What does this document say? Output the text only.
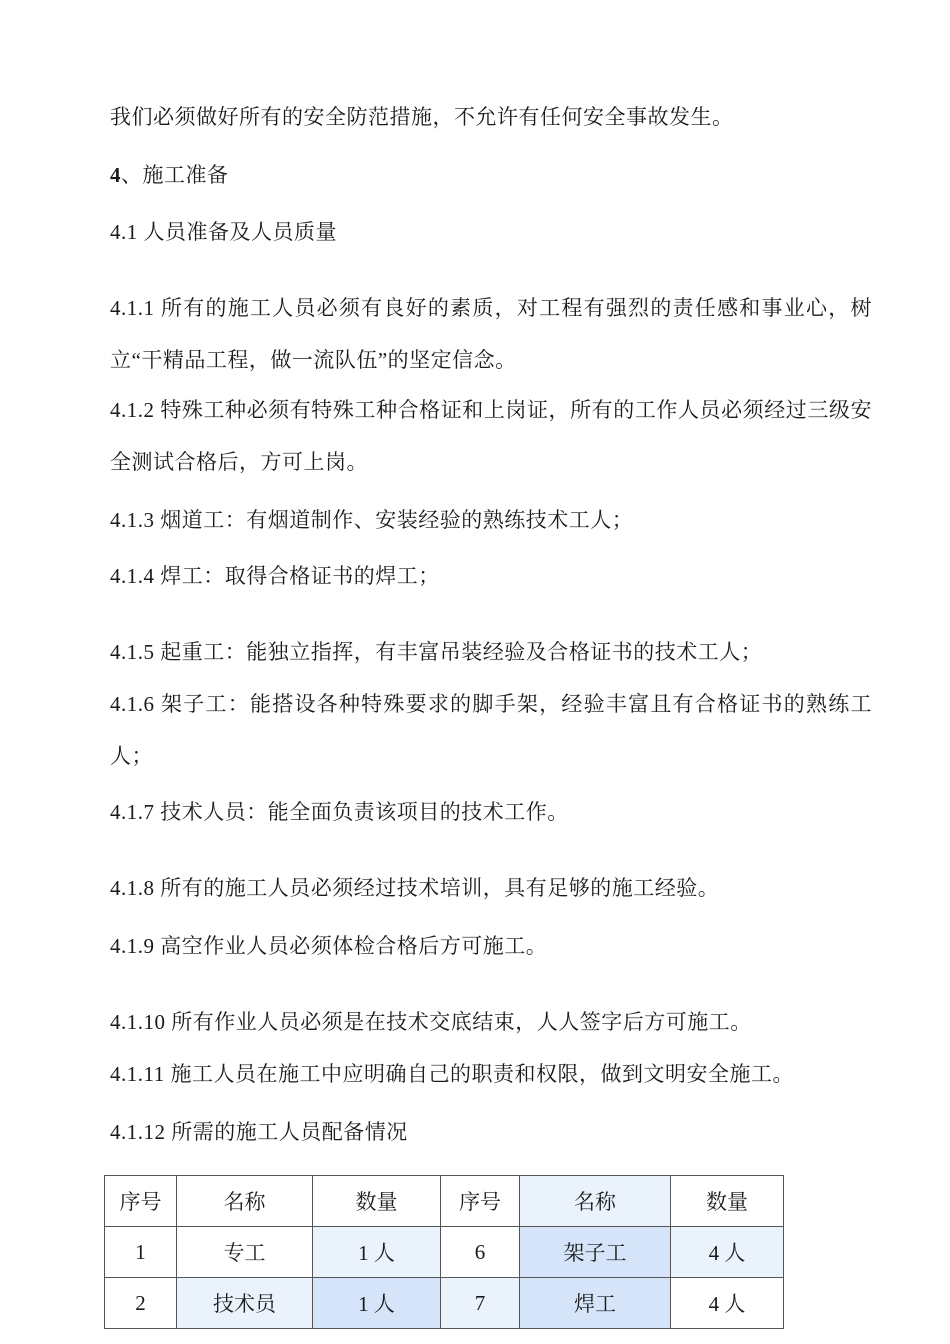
我们必须做好所有的安全防范措施，不允许有任何安全事故发生。

4、施工准备

4.1 人员准备及人员质量

4.1.1 所有的施工人员必须有良好的素质，对工程有强烈的责任感和事业心，树立“干精品工程，做一流队伍”的坚定信念。

4.1.2 特殊工种必须有特殊工种合格证和上岗证，所有的工作人员必须经过三级安全测试合格后，方可上岗。

4.1.3 烟道工：有烟道制作、安装经验的熟练技术工人；

4.1.4 焊工：取得合格证书的焊工；

4.1.5 起重工：能独立指挥，有丰富吊装经验及合格证书的技术工人；

4.1.6 架子工：能搭设各种特殊要求的脚手架，经验丰富且有合格证书的熟练工人；

4.1.7 技术人员：能全面负责该项目的技术工作。

4.1.8 所有的施工人员必须经过技术培训，具有足够的施工经验。

4.1.9 高空作业人员必须体检合格后方可施工。

4.1.10 所有作业人员必须是在技术交底结束，人人签字后方可施工。

4.1.11 施工人员在施工中应明确自己的职责和权限，做到文明安全施工。

4.1.12 所需的施工人员配备情况

序号	名称	数量	序号	名称	数量
1	专工	1 人	6	架子工	4 人
2	技术员	1 人	7	焊工	4 人
